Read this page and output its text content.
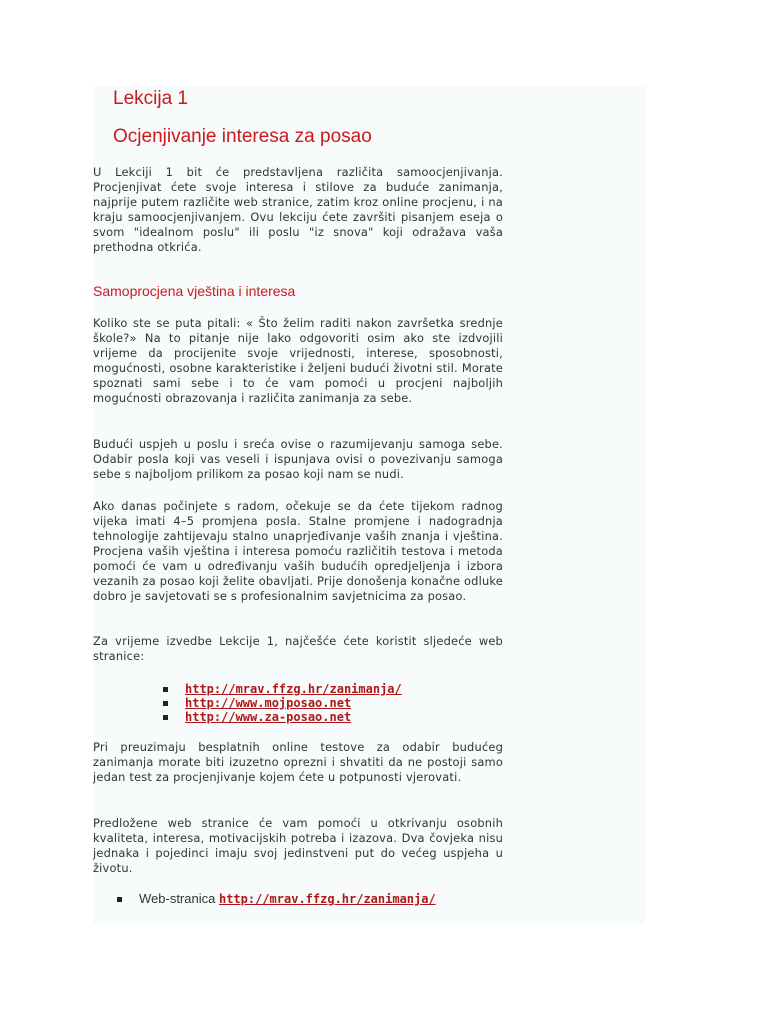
Lekcija 1
Ocjenjivanje interesa za posao

U Lekciji 1 bit će predstavljena različita samoocjenjivanja. Procjenjivat ćete svoje interesa i stilove za buduće zanimanja, najprije putem različite web stranice, zatim kroz online procjenu, i na kraju samoocjenjivanjem. Ovu lekciju ćete završiti pisanjem eseja o svom "idealnom poslu" ili poslu "iz snova" koji odražava vaša prethodna otkrića.

Samoprocjena vještina i interesa

Koliko ste se puta pitali: « Što želim raditi nakon završetka srednje škole?» Na to pitanje nije lako odgovoriti osim ako ste izdvojili vrijeme da procijenite svoje vrijednosti, interese, sposobnosti, mogućnosti, osobne karakteristike i željeni budući životni stil. Morate spoznati sami sebe i to će vam pomoći u procjeni najboljih mogućnosti obrazovanja i različita zanimanja za sebe.

Budući uspjeh u poslu i sreća ovise o razumijevanju samoga sebe. Odabir posla koji vas veseli i ispunjava ovisi o povezivanju samoga sebe s najboljom prilikom za posao koji nam se nudi.

Ako danas počinjete s radom, očekuje se da ćete tijekom radnog vijeka imati 4–5 promjena posla. Stalne promjene i nadogradnja tehnologije zahtijevaju stalno unaprjeđivanje vaših znanja i vještina. Procjena vaših vještina i interesa pomoću različitih testova i metoda pomoći će vam u određivanju vaših budućih opredjeljenja i izbora vezanih za posao koji želite obavljati. Prije donošenja konačne odluke dobro je savjetovati se s profesionalnim savjetnicima za posao.

Za vrijeme izvedbe Lekcije 1, najčešće ćete koristit sljedeće web stranice:

http://mrav.ffzg.hr/zanimanja/
http://www.mojposao.net
http://www.za-posao.net

Pri preuzimaju besplatnih online testove za odabir budućeg zanimanja morate biti izuzetno oprezni i shvatiti da ne postoji samo jedan test za procjenjivanje kojem ćete u potpunosti vjerovati.

Predložene web stranice će vam pomoći u otkrivanju osobnih kvaliteta, interesa, motivacijskih potreba i izazova. Dva čovjeka nisu jednaka i pojedinci imaju svoj jedinstveni put do većeg uspjeha u životu.

Web-stranica http://mrav.ffzg.hr/zanimanja/
